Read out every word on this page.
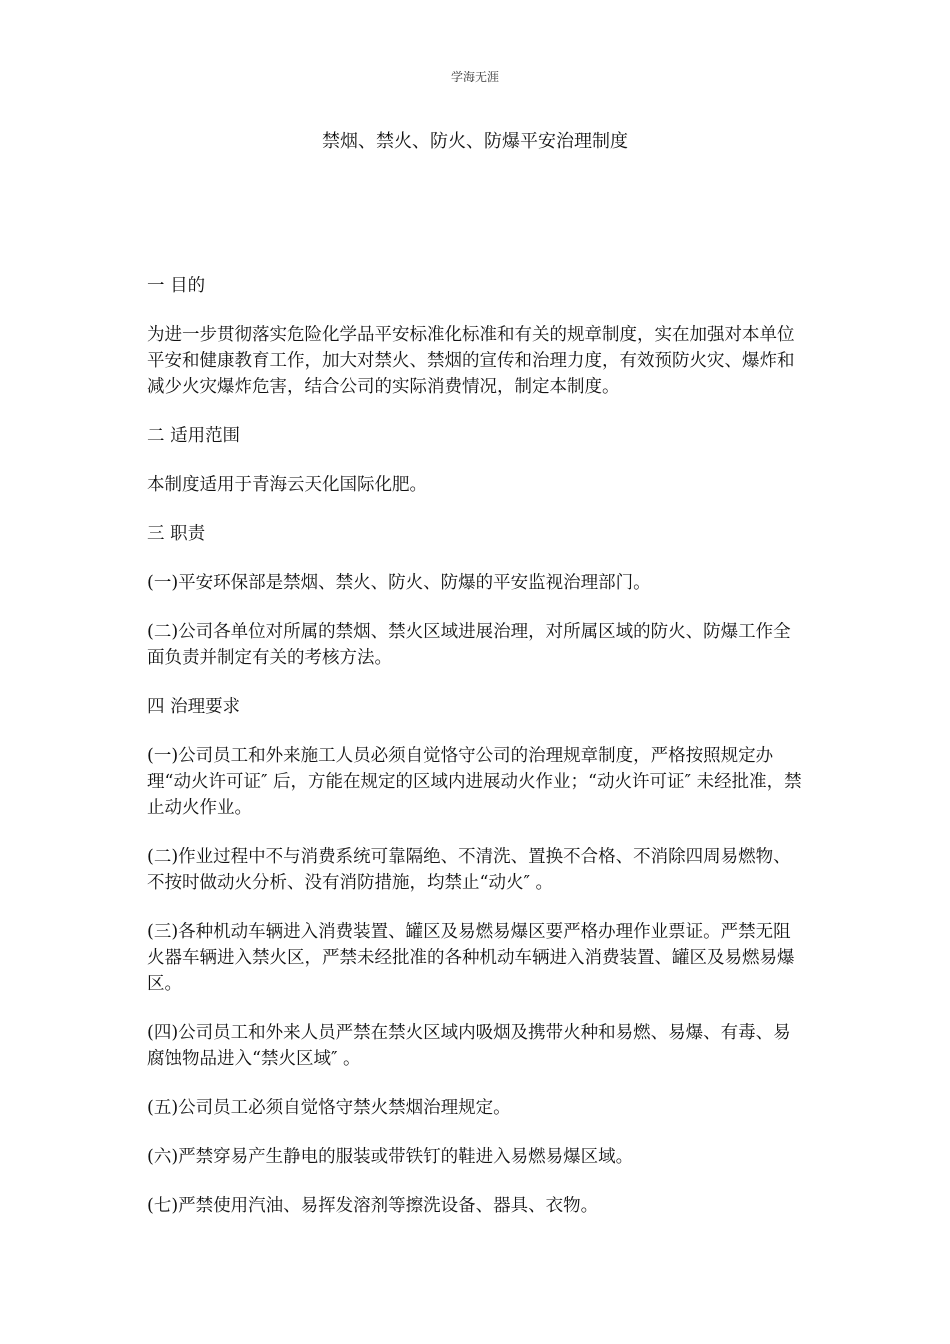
学海无涯
禁烟、禁火、防火、防爆平安治理制度

一 目的

为进一步贯彻落实危险化学品平安标准化标准和有关的规章制度，实在加强对本单位平安和健康教育工作，加大对禁火、禁烟的宣传和治理力度，有效预防火灾、爆炸和减少火灾爆炸危害，结合公司的实际消费情况，制定本制度。

二 适用范围

本制度适用于青海云天化国际化肥。

三 职责

(一)平安环保部是禁烟、禁火、防火、防爆的平安监视治理部门。

(二)公司各单位对所属的禁烟、禁火区域进展治理，对所属区域的防火、防爆工作全面负责并制定有关的考核方法。

四 治理要求

(一)公司员工和外来施工人员必须自觉恪守公司的治理规章制度，严格按照规定办理“动火许可证″ 后，方能在规定的区域内进展动火作业；“动火许可证″ 未经批准，禁止动火作业。

(二)作业过程中不与消费系统可靠隔绝、不清洗、置换不合格、不消除四周易燃物、不按时做动火分析、没有消防措施，均禁止“动火″ 。

(三)各种机动车辆进入消费装置、罐区及易燃易爆区要严格办理作业票证。严禁无阻火器车辆进入禁火区，严禁未经批准的各种机动车辆进入消费装置、罐区及易燃易爆区。

(四)公司员工和外来人员严禁在禁火区域内吸烟及携带火种和易燃、易爆、有毒、易腐蚀物品进入“禁火区域″ 。

(五)公司员工必须自觉恪守禁火禁烟治理规定。

(六)严禁穿易产生静电的服装或带铁钉的鞋进入易燃易爆区域。

(七)严禁使用汽油、易挥发溶剂等擦洗设备、器具、衣物。
